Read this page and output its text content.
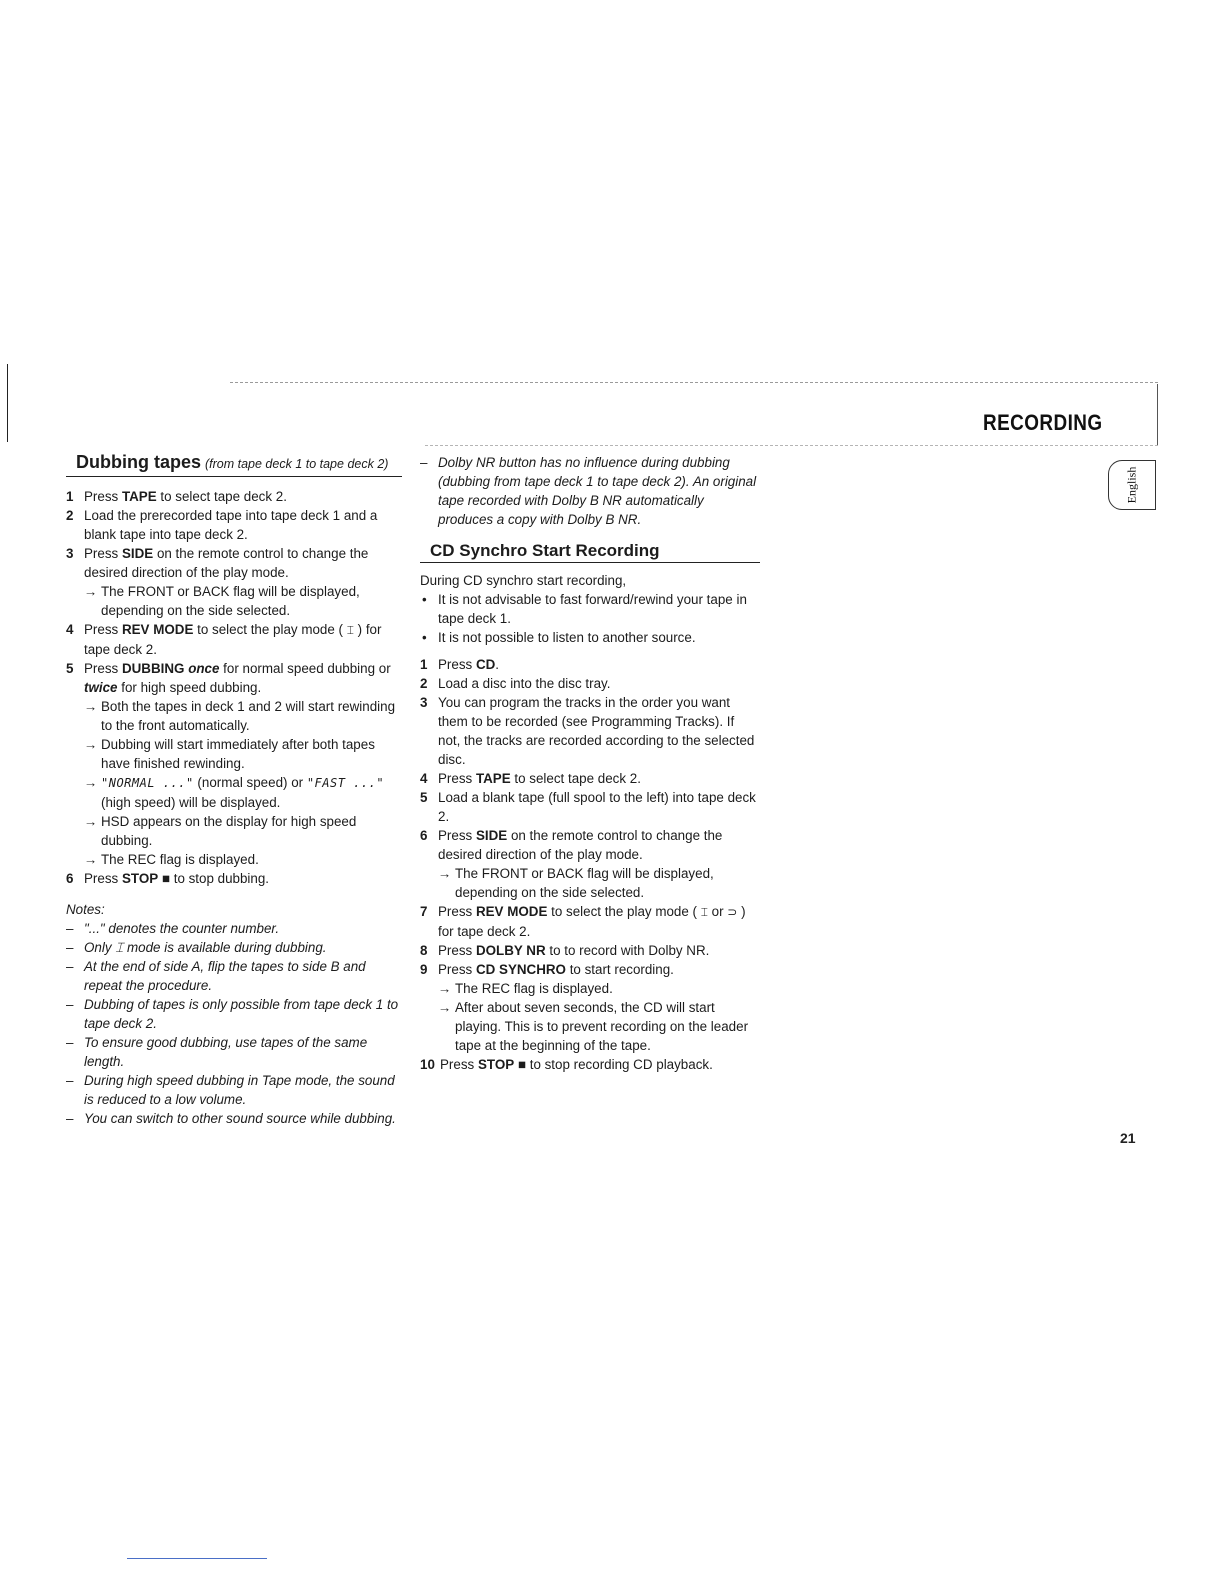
RECORDING
English
Dubbing tapes (from tape deck 1 to tape deck 2)
1 Press TAPE to select tape deck 2.
2 Load the prerecorded tape into tape deck 1 and a blank tape into tape deck 2.
3 Press SIDE on the remote control to change the desired direction of the play mode.
→ The FRONT or BACK flag will be displayed, depending on the side selected.
4 Press REV MODE to select the play mode ( ⌶ ) for tape deck 2.
5 Press DUBBING once for normal speed dubbing or twice for high speed dubbing.
→ Both the tapes in deck 1 and 2 will start rewinding to the front automatically.
→ Dubbing will start immediately after both tapes have finished rewinding.
→ "NORMAL ..." (normal speed) or "FAST ..." (high speed) will be displayed.
→ HSD appears on the display for high speed dubbing.
→ The REC flag is displayed.
6 Press STOP ■ to stop dubbing.
Notes:
– "..." denotes the counter number.
– Only ⌶ mode is available during dubbing.
– At the end of side A, flip the tapes to side B and repeat the procedure.
– Dubbing of tapes is only possible from tape deck 1 to tape deck 2.
– To ensure good dubbing, use tapes of the same length.
– During high speed dubbing in Tape mode, the sound is reduced to a low volume.
– You can switch to other sound source while dubbing.
– Dolby NR button has no influence during dubbing (dubbing from tape deck 1 to tape deck 2). An original tape recorded with Dolby B NR automatically produces a copy with Dolby B NR.
CD Synchro Start Recording
During CD synchro start recording,
• It is not advisable to fast forward/rewind your tape in tape deck 1.
• It is not possible to listen to another source.
1 Press CD.
2 Load a disc into the disc tray.
3 You can program the tracks in the order you want them to be recorded (see Programming Tracks). If not, the tracks are recorded according to the selected disc.
4 Press TAPE to select tape deck 2.
5 Load a blank tape (full spool to the left) into tape deck 2.
6 Press SIDE on the remote control to change the desired direction of the play mode.
→ The FRONT or BACK flag will be displayed, depending on the side selected.
7 Press REV MODE to select the play mode ( ⌶ or ⊃ ) for tape deck 2.
8 Press DOLBY NR to to record with Dolby NR.
9 Press CD SYNCHRO to start recording.
→ The REC flag is displayed.
→ After about seven seconds, the CD will start playing. This is to prevent recording on the leader tape at the beginning of the tape.
10 Press STOP ■ to stop recording CD playback.
21
